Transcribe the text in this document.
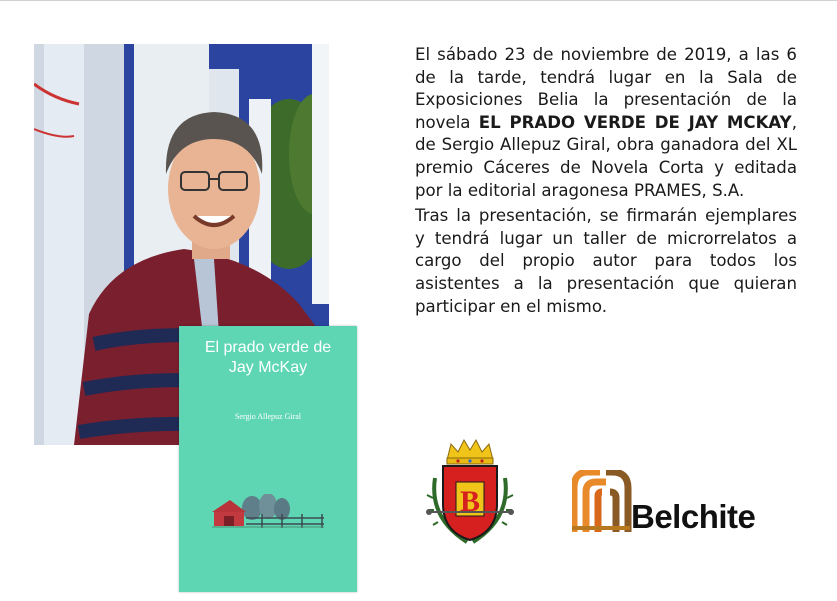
El prado verde de
Jay McKay
Sergio Allepuz Giral

El sábado 23 de noviembre de 2019, a las 6 de la tarde, tendrá lugar en la Sala de Exposiciones Belia la presentación de la novela EL PRADO VERDE DE JAY MCKAY, de Sergio Allepuz Giral, obra ganadora del XL premio Cáceres de Novela Corta y editada por la editorial aragonesa PRAMES, S.A.

Tras la presentación, se firmarán ejemplares y tendrá lugar un taller de microrrelatos a cargo del propio autor para todos los asistentes a la presentación que quieran participar en el mismo.

B	Belchite
